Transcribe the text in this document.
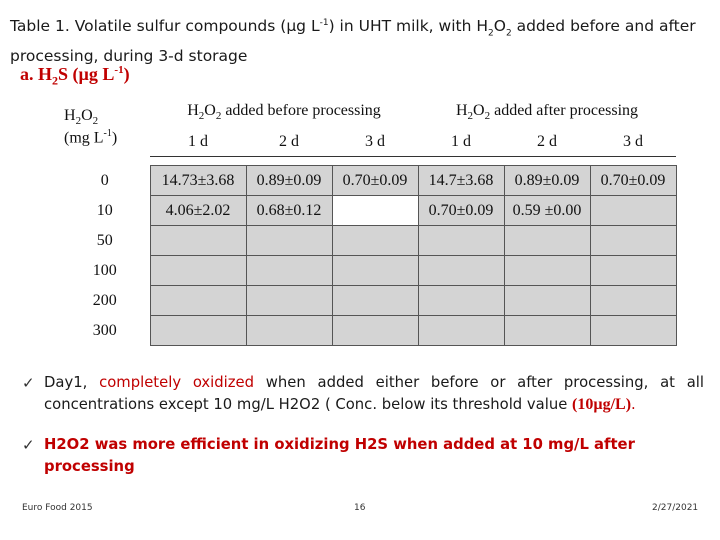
Table 1. Volatile sulfur compounds (µg $L^{-1}$) in UHT milk, with $H_2O_2$ added before and after processing, during 3-d storage
a. $H_2S$ (µg $L^{-1}$)
$H_2O_2$
(mg $L^{-1}$)	$H_2O_2$ added before processing			$H_2O_2$ added after processing		
	1 d	2 d	3 d	1 d	2 d	3 d

0	14.73±3.68	0.89±0.09	0.70±0.09	14.7±3.68	0.89±0.09	0.70±0.09
10	4.06±2.02	0.68±0.12		0.70±0.09	0.59 ±0.00	
50						
100						
200						
300						
✓ Day1, completely oxidized when added either before or after processing, at all concentrations except 10 mg/L H2O2 ( Conc. below its threshold value (10µg/L).
✓ H2O2 was more efficient in oxidizing H2S when added at 10 mg/L after processing
Euro Food 2015	16	2/27/2021
